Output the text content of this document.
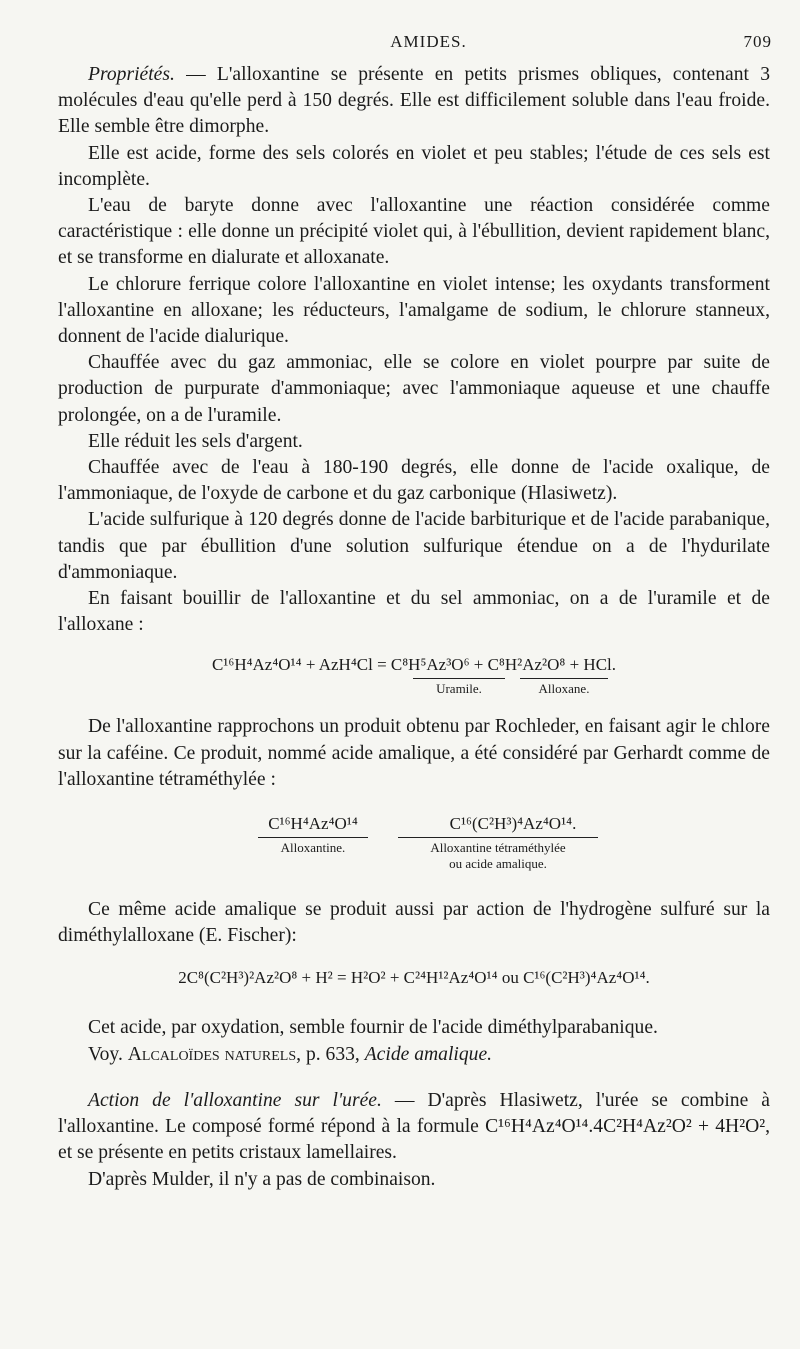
AMIDES.	709

Propriétés. — L'alloxantine se présente en petits prismes obliques, contenant 3 molécules d'eau qu'elle perd à 150 degrés. Elle est difficilement soluble dans l'eau froide. Elle semble être dimorphe.

Elle est acide, forme des sels colorés en violet et peu stables; l'étude de ces sels est incomplète.

L'eau de baryte donne avec l'alloxantine une réaction considérée comme caractéristique : elle donne un précipité violet qui, à l'ébullition, devient rapidement blanc, et se transforme en dialurate et alloxanate.

Le chlorure ferrique colore l'alloxantine en violet intense; les oxydants transforment l'alloxantine en alloxane; les réducteurs, l'amalgame de sodium, le chlorure stanneux, donnent de l'acide dialurique.

Chauffée avec du gaz ammoniac, elle se colore en violet pourpre par suite de production de purpurate d'ammoniaque; avec l'ammoniaque aqueuse et une chauffe prolongée, on a de l'uramile.

Elle réduit les sels d'argent.

Chauffée avec de l'eau à 180-190 degrés, elle donne de l'acide oxalique, de l'ammoniaque, de l'oxyde de carbone et du gaz carbonique (Hlasiwetz).

L'acide sulfurique à 120 degrés donne de l'acide barbiturique et de l'acide parabanique, tandis que par ébullition d'une solution sulfurique étendue on a de l'hydurilate d'ammoniaque.

En faisant bouillir de l'alloxantine et du sel ammoniac, on a de l'uramile et de l'alloxane :

C¹⁶H⁴Az⁴O¹⁴ + AzH⁴Cl = C⁸H⁵Az³O⁶ + C⁸H²Az²O⁸ + HCl.
Uramile.	Alloxane.

De l'alloxantine rapprochons un produit obtenu par Rochleder, en faisant agir le chlore sur la caféine. Ce produit, nommé acide amalique, a été considéré par Gerhardt comme de l'alloxantine tétraméthylée :

C¹⁶H⁴Az⁴O¹⁴	C¹⁶(C²H³)⁴Az⁴O¹⁴.
Alloxantine.	Alloxantine tétraméthylée
ou acide amalique.

Ce même acide amalique se produit aussi par action de l'hydrogène sulfuré sur la diméthylalloxane (E. Fischer):

2C⁸(C²H³)²Az²O⁸ + H² = H²O² + C²⁴H¹²Az⁴O¹⁴ ou C¹⁶(C²H³)⁴Az⁴O¹⁴.

Cet acide, par oxydation, semble fournir de l'acide diméthylparabanique.

Voy. Alcaloïdes naturels, p. 633, Acide amalique.

Action de l'alloxantine sur l'urée. — D'après Hlasiwetz, l'urée se combine à l'alloxantine. Le composé formé répond à la formule C¹⁶H⁴Az⁴O¹⁴.4C²H⁴Az²O² + 4H²O², et se présente en petits cristaux lamellaires.

D'après Mulder, il n'y a pas de combinaison.
